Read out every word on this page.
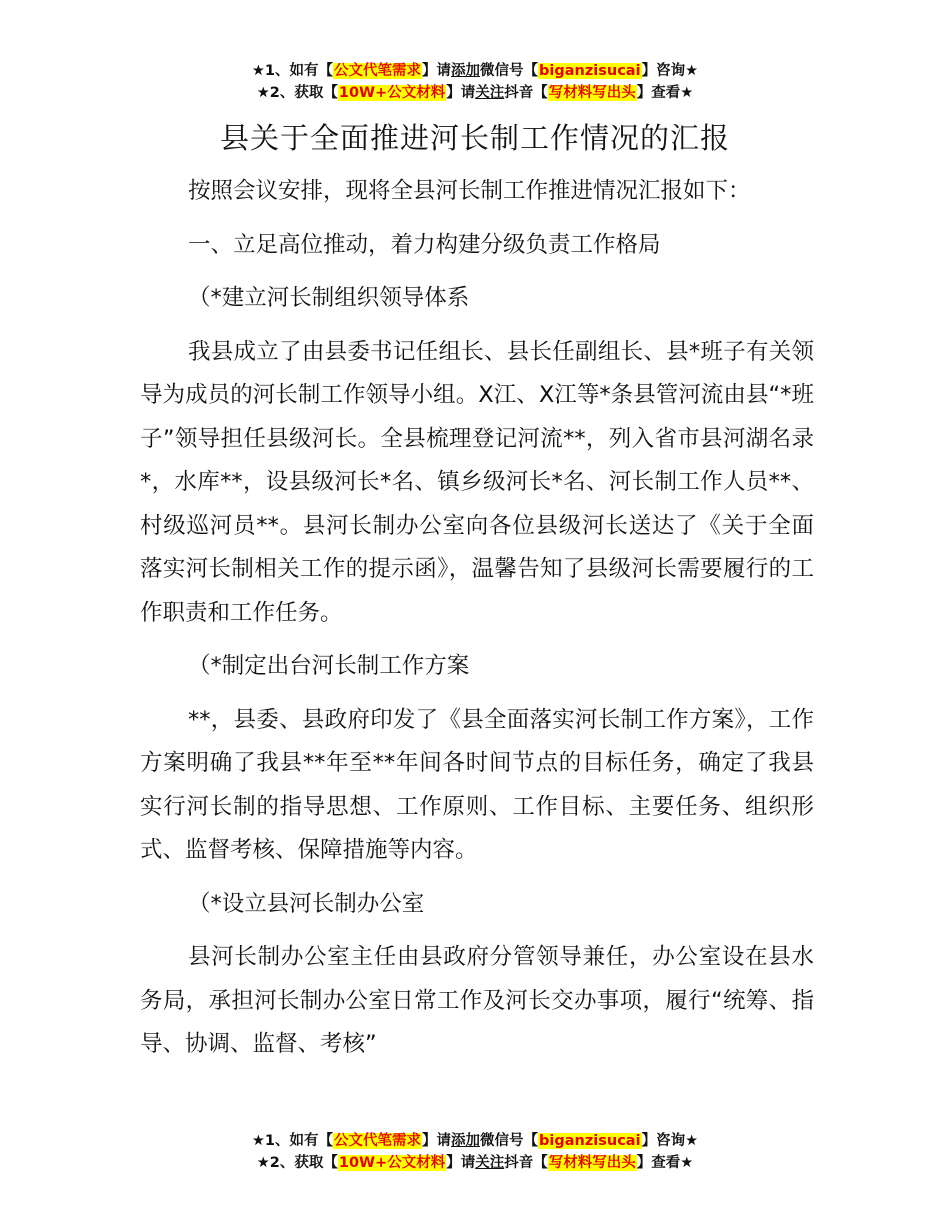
★1、如有【公文代笔需求】请添加微信号【biganzisucai】咨询★
★2、获取【10W+公文材料】请关注抖音【写材料写出头】查看★
县关于全面推进河长制工作情况的汇报

按照会议安排，现将全县河长制工作推进情况汇报如下：

一、立足高位推动，着力构建分级负责工作格局

（*建立河长制组织领导体系

我县成立了由县委书记任组长、县长任副组长、县*班子有关领导为成员的河长制工作领导小组。X江、X江等*条县管河流由县“*班子”领导担任县级河长。全县梳理登记河流**，列入省市县河湖名录*，水库**，设县级河长*名、镇乡级河长*名、河长制工作人员**、村级巡河员**。县河长制办公室向各位县级河长送达了《关于全面落实河长制相关工作的提示函》，温馨告知了县级河长需要履行的工作职责和工作任务。

（*制定出台河长制工作方案

**，县委、县政府印发了《县全面落实河长制工作方案》，工作方案明确了我县**年至**年间各时间节点的目标任务，确定了我县实行河长制的指导思想、工作原则、工作目标、主要任务、组织形式、监督考核、保障措施等内容。

（*设立县河长制办公室

县河长制办公室主任由县政府分管领导兼任，办公室设在县水务局，承担河长制办公室日常工作及河长交办事项，履行“统筹、指导、协调、监督、考核”

★1、如有【公文代笔需求】请添加微信号【biganzisucai】咨询★
★2、获取【10W+公文材料】请关注抖音【写材料写出头】查看★
